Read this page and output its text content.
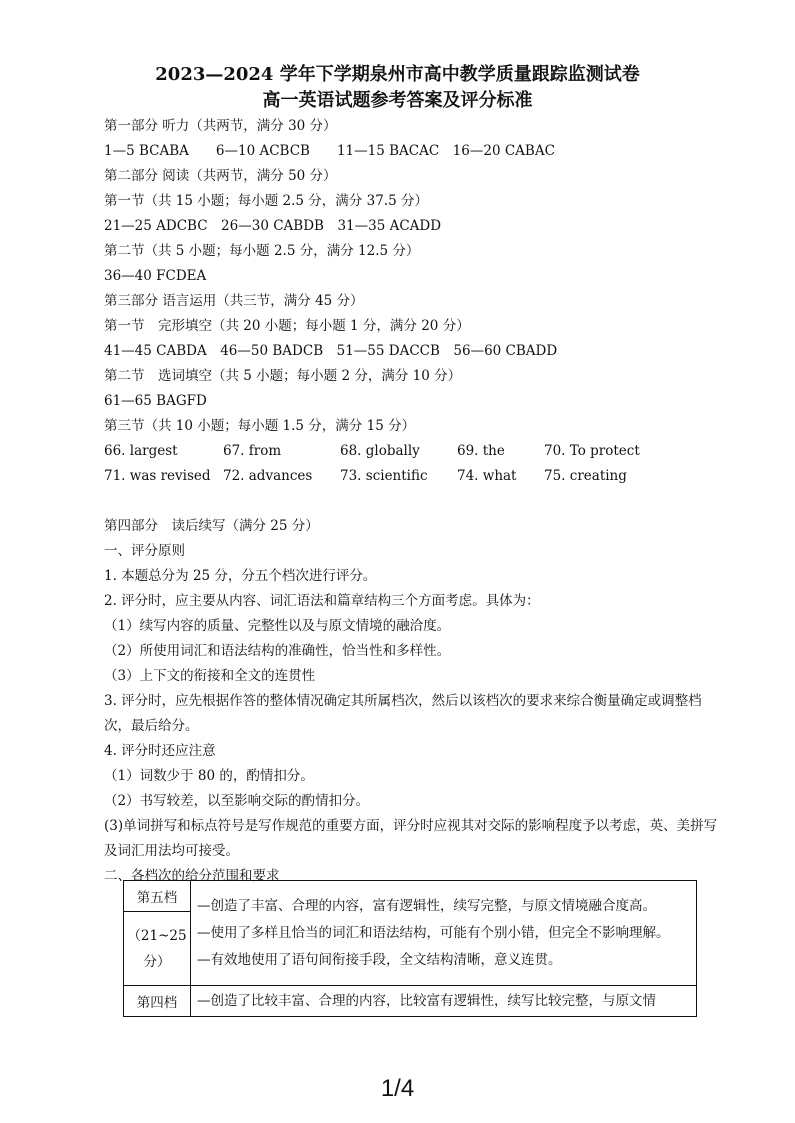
2023—2024 学年下学期泉州市高中教学质量跟踪监测试卷
高一英语试题参考答案及评分标准
第一部分 听力（共两节，满分 30 分）
1—5 BCABA　　6—10 ACBCB　　11—15 BACAC　16—20 CABAC
第二部分 阅读（共两节，满分 50 分）
第一节（共 15 小题；每小题 2.5 分，满分 37.5 分）
21—25 ADCBC　26—30 CABDB　31—35 ACADD
第二节（共 5 小题；每小题 2.5 分，满分 12.5 分）
36—40 FCDEA
第三部分 语言运用（共三节，满分 45 分）
第一节　完形填空（共 20 小题；每小题 1 分，满分 20 分）
41—45 CABDA　46—50 BADCB　51—55 DACCB　56—60 CBADD
第二节　选词填空（共 5 小题；每小题 2 分，满分 10 分）
61—65 BAGFD
第三节（共 10 小题；每小题 1.5 分，满分 15 分）
66. largest	67. from	68. globally	69. the	70. To protect
71. was revised 72. advances	73. scientific	74. what	75. creating
第四部分　读后续写（满分 25 分）
一、评分原则
1. 本题总分为 25 分，分五个档次进行评分。
2. 评分时，应主要从内容、词汇语法和篇章结构三个方面考虑。具体为：
（1）续写内容的质量、完整性以及与原文情境的融洽度。
（2）所使用词汇和语法结构的准确性，恰当性和多样性。
（3）上下文的衔接和全文的连贯性
3. 评分时，应先根据作答的整体情况确定其所属档次，然后以该档次的要求来综合衡量确定或调整档次，最后给分。
4. 评分时还应注意
（1）词数少于 80 的，酌情扣分。
（2）书写较差，以至影响交际的酌情扣分。
(3)单词拼写和标点符号是写作规范的重要方面，评分时应视其对交际的影响程度予以考虑，英、美拼写及词汇用法均可接受。
二、各档次的给分范围和要求
第五档	—创造了丰富、合理的内容，富有逻辑性，续写完整，与原文情境融合度高。
—使用了多样且恰当的词汇和语法结构，可能有个别小错，但完全不影响理解。
—有效地使用了语句间衔接手段，全文结构清晰，意义连贯。

（21~25 分）	
第四档	—创造了比较丰富、合理的内容，比较富有逻辑性，续写比较完整，与原文情
1/4
